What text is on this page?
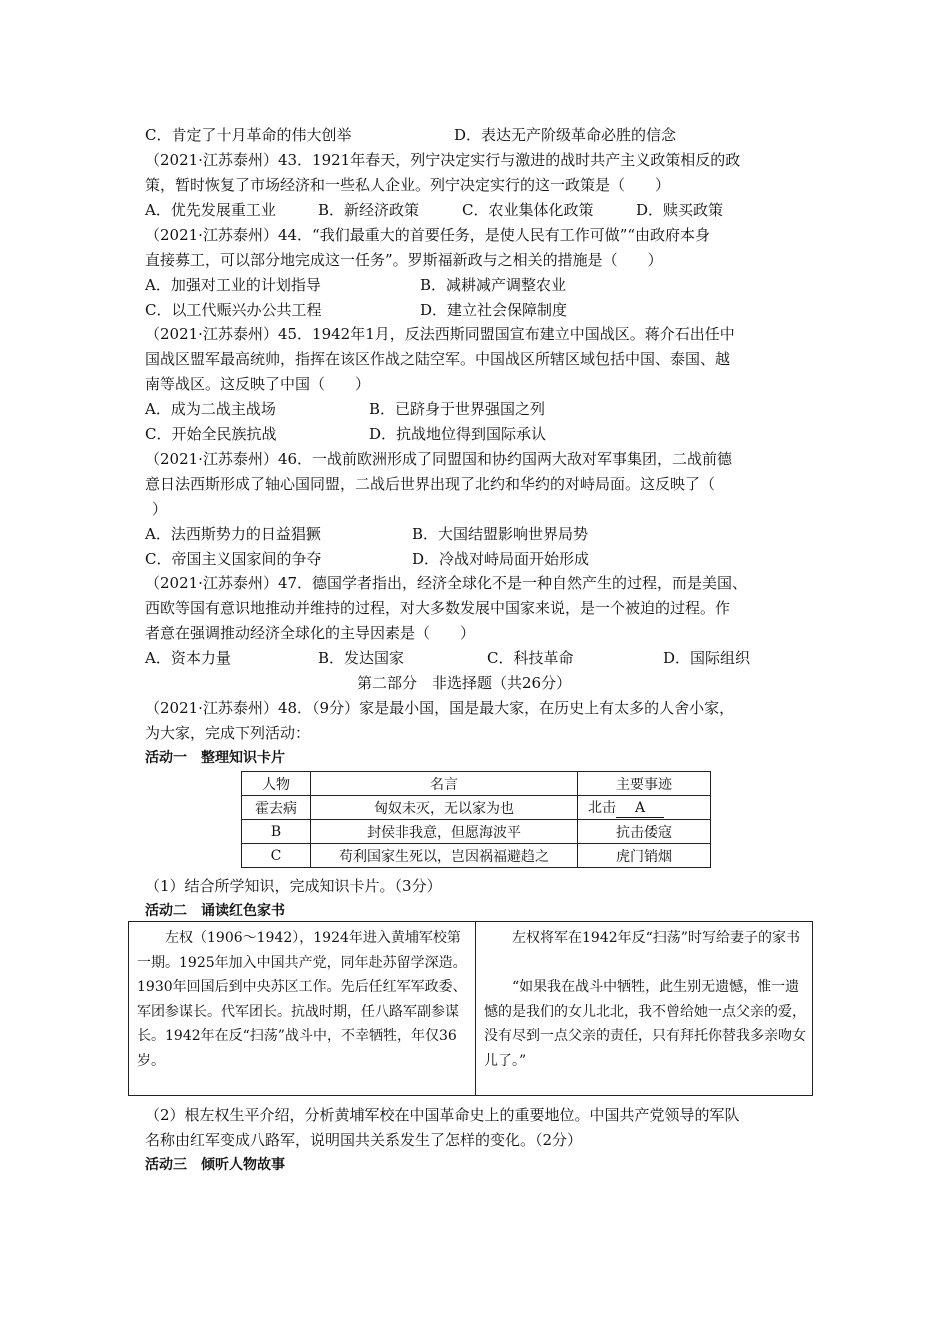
C．肯定了十月革命的伟大创举	D．表达无产阶级革命必胜的信念
（2021·江苏泰州）43．1921年春天，列宁决定实行与激进的战时共产主义政策相反的政
策，暂时恢复了市场经济和一些私人企业。列宁决定实行的这一政策是（　　）
A．优先发展重工业	B．新经济政策	C．农业集体化政策	D．赎买政策
（2021·江苏泰州）44．“我们最重大的首要任务，是使人民有工作可做”“由政府本身
直接募工，可以部分地完成这一任务”。罗斯福新政与之相关的措施是（　　）
A．加强对工业的计划指导	B．减耕减产调整农业
C．以工代赈兴办公共工程	D．建立社会保障制度
（2021·江苏泰州）45．1942年1月，反法西斯同盟国宣布建立中国战区。蒋介石出任中
国战区盟军最高统帅，指挥在该区作战之陆空军。中国战区所辖区域包括中国、泰国、越
南等战区。这反映了中国（　　）
A．成为二战主战场	B．已跻身于世界强国之列
C．开始全民族抗战	D．抗战地位得到国际承认
（2021·江苏泰州）46．一战前欧洲形成了同盟国和协约国两大敌对军事集团，二战前德
意日法西斯形成了轴心国同盟，二战后世界出现了北约和华约的对峙局面。这反映了（
）
A．法西斯势力的日益猖獗	B．大国结盟影响世界局势
C．帝国主义国家间的争夺	D．冷战对峙局面开始形成
（2021·江苏泰州）47．德国学者指出，经济全球化不是一种自然产生的过程，而是美国、
西欧等国有意识地推动并维持的过程，对大多数发展中国家来说，是一个被迫的过程。作
者意在强调推动经济全球化的主导因素是（　　）
A．资本力量	B．发达国家	C．科技革命	D．国际组织
第二部分　非选择题（共26分）
（2021·江苏泰州）48．（9分）家是最小国，国是最大家，在历史上有太多的人舍小家，
为大家，完成下列活动：
活动一　整理知识卡片
人物	名言	主要事迹
霍去病	匈奴未灭，无以家为也	北击 A
B	封侯非我意，但愿海波平	抗击倭寇
C	苟利国家生死以，岂因祸福避趋之	虎门销烟
（1）结合所学知识，完成知识卡片。（3分）
活动二　诵读红色家书
　　左权（1906～1942），1924年进入黄埔军校第一期。1925年加入中国共产党，同年赴苏留学深造。1930年回国后到中央苏区工作。先后任红军军政委、军团参谋长。代军团长。抗战时期，任八路军副参谋长。1942年在反“扫荡”战斗中，不幸牺牲，年仅36岁。
　　左权将军在1942年反“扫荡”时写给妻子的家书
　　“如果我在战斗中牺牲，此生别无遗憾，惟一遗憾的是我们的女儿北北，我不曾给她一点父亲的爱，没有尽到一点父亲的责任，只有拜托你替我多亲吻女儿了。”
（2）根左权生平介绍，分析黄埔军校在中国革命史上的重要地位。中国共产党领导的军队
名称由红军变成八路军，说明国共关系发生了怎样的变化。（2分）
活动三　倾听人物故事
